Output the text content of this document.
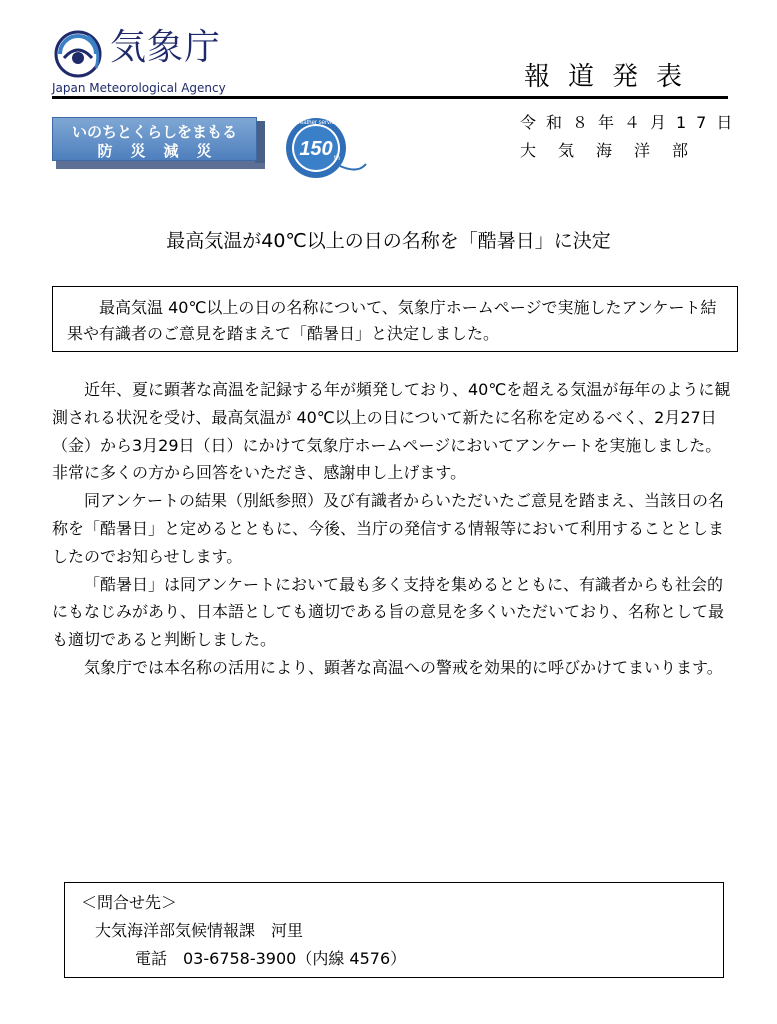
気象庁
Japan Meteorological Agency	報道発表
令和８年４月17日
大気海洋部
いのちとくらしをまもる
防災減災	150 th
Weather service
最高気温が40℃以上の日の名称を「酷暑日」に決定

最高気温 40℃以上の日の名称について、気象庁ホームページで実施したアンケート結果や有識者のご意見を踏まえて「酷暑日」と決定しました。

近年、夏に顕著な高温を記録する年が頻発しており、40℃を超える気温が毎年のように観測される状況を受け、最高気温が 40℃以上の日について新たに名称を定めるべく、2月27日（金）から3月29日（日）にかけて気象庁ホームページにおいてアンケートを実施しました。非常に多くの方から回答をいただき、感謝申し上げます。

同アンケートの結果（別紙参照）及び有識者からいただいたご意見を踏まえ、当該日の名称を「酷暑日」と定めるとともに、今後、当庁の発信する情報等において利用することとしましたのでお知らせします。

「酷暑日」は同アンケートにおいて最も多く支持を集めるとともに、有識者からも社会的にもなじみがあり、日本語としても適切である旨の意見を多くいただいており、名称として最も適切であると判断しました。

気象庁では本名称の活用により、顕著な高温への警戒を効果的に呼びかけてまいります。

＜問合せ先＞
大気海洋部気候情報課　河里
電話　03-6758-3900（内線 4576）
